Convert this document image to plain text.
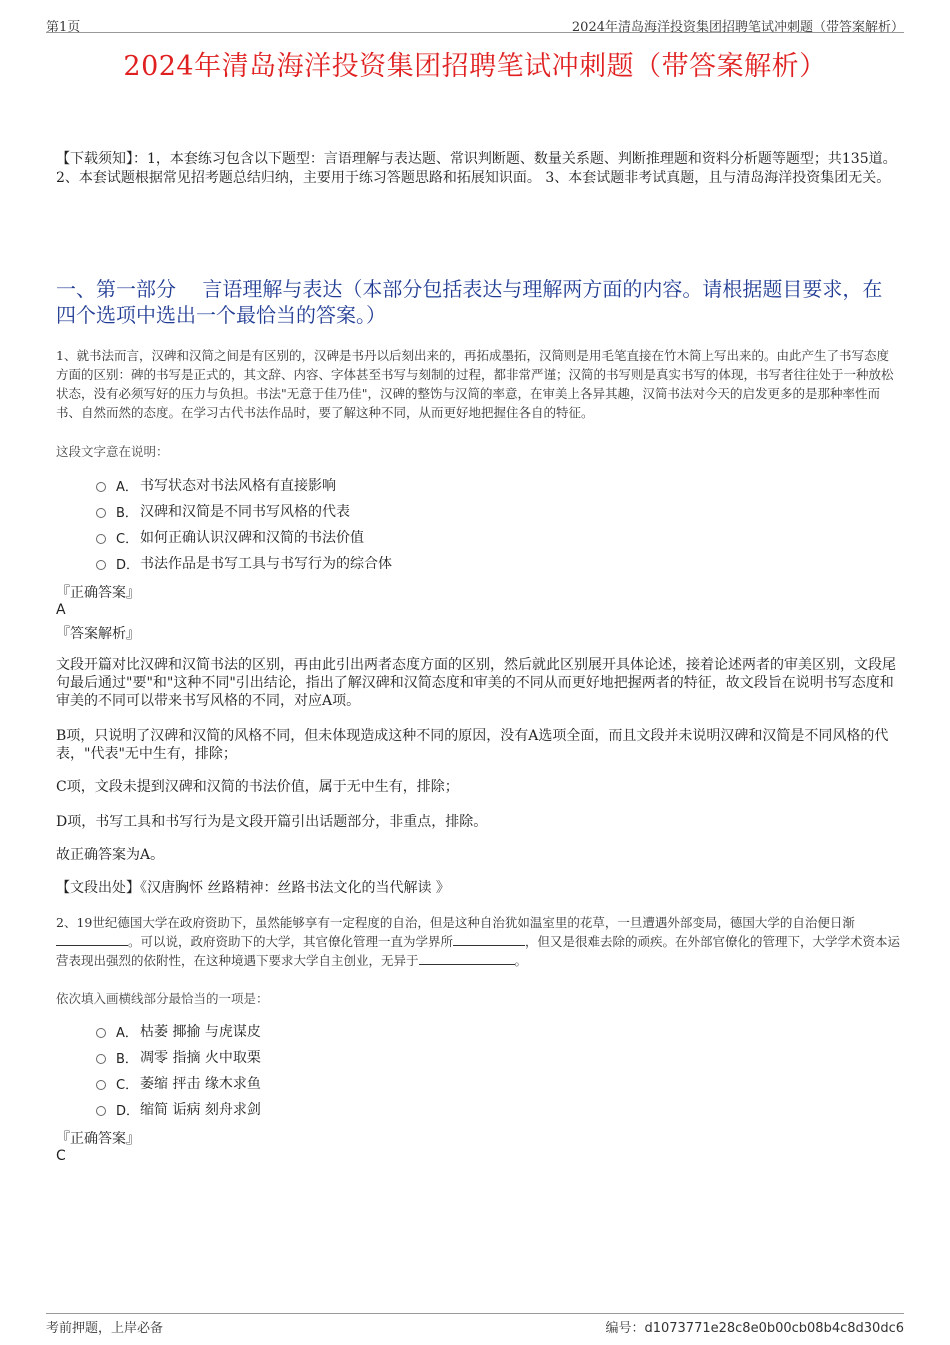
第1页	2024年清岛海洋投资集团招聘笔试冲刺题（带答案解析）
2024年清岛海洋投资集团招聘笔试冲刺题（带答案解析）
【下载须知】：1，本套练习包含以下题型：言语理解与表达题、常识判断题、数量关系题、判断推理题和资料分析题等题型；共135道。 2、本套试题根据常见招考题总结归纳，主要用于练习答题思路和拓展知识面。 3、本套试题非考试真题，且与清岛海洋投资集团无关。
一、第一部分　 言语理解与表达（本部分包括表达与理解两方面的内容。请根据题目要求，在四个选项中选出一个最恰当的答案。）
1、就书法而言，汉碑和汉简之间是有区别的，汉碑是书丹以后刻出来的，再拓成墨拓，汉简则是用毛笔直接在竹木简上写出来的。由此产生了书写态度方面的区别：碑的书写是正式的，其文辞、内容、字体甚至书写与刻制的过程，都非常严谨；汉简的书写则是真实书写的体现，书写者往往处于一种放松状态，没有必须写好的压力与负担。书法"无意于佳乃佳"，汉碑的整饬与汉简的率意，在审美上各异其趣，汉简书法对今天的启发更多的是那种率性而书、自然而然的态度。在学习古代书法作品时，要了解这种不同，从而更好地把握住各自的特征。
这段文字意在说明：
A． 书写状态对书法风格有直接影响
B． 汉碑和汉简是不同书写风格的代表
C． 如何正确认识汉碑和汉简的书法价值
D． 书法作品是书写工具与书写行为的综合体
『正确答案』
A
『答案解析』
文段开篇对比汉碑和汉简书法的区别，再由此引出两者态度方面的区别，然后就此区别展开具体论述，接着论述两者的审美区别，文段尾句最后通过"要"和"这种不同"引出结论，指出了解汉碑和汉简态度和审美的不同从而更好地把握两者的特征，故文段旨在说明书写态度和审美的不同可以带来书写风格的不同，对应A项。
B项，只说明了汉碑和汉简的风格不同，但未体现造成这种不同的原因，没有A选项全面，而且文段并未说明汉碑和汉简是不同风格的代表，"代表"无中生有，排除；
C项，文段未提到汉碑和汉简的书法价值，属于无中生有，排除；
D项，书写工具和书写行为是文段开篇引出话题部分，非重点，排除。
故正确答案为A。
【文段出处】《汉唐胸怀 丝路精神：丝路书法文化的当代解读 》
2、19世纪德国大学在政府资助下，虽然能够享有一定程度的自治，但是这种自治犹如温室里的花草，一旦遭遇外部变局，德国大学的自治便日渐。可以说，政府资助下的大学，其官僚化管理一直为学界所	，但又是很难去除的顽疾。在外部官僚化的管理下，大学学术资本运营表现出强烈的依附性，在这种境遇下要求大学自主创业，无异于	。
依次填入画横线部分最恰当的一项是：
A． 枯萎 揶揄 与虎谋皮
B． 凋零 指摘 火中取栗
C． 萎缩 抨击 缘木求鱼
D． 缩简 诟病 刻舟求剑
『正确答案』
C
考前押题，上岸必备	编号：d1073771e28c8e0b00cb08b4c8d30dc6
